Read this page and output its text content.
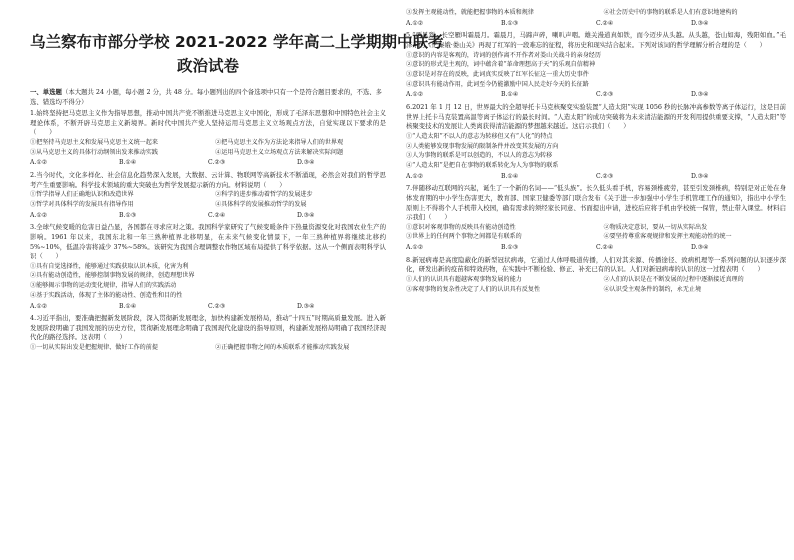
乌兰察布市部分学校 2021-2022 学年高二上学期期中联考
政治试卷
一、单选题（本大题共 24 小题，每小题 2 分，共 48 分。每小题列出的四个备选项中只有一个是符合题目要求的，不选、多选、错选均不得分）
1.始终坚持把马克思主义作为指导思想，推动中国共产党不断推进马克思主义中国化，形成了毛泽东思想和中国特色社会主义理论体系，不断开辟马克思主义新境界。新时代中国共产党人坚持运用马克思主义立场观点方法，自觉实现以下要求的是（　　）
①把坚持马克思主义和发展马克思主义统一起来	②把马克思主义作为方法论来指导人们的世界观
③从马克思主义的具体行动纲领出发来推动实践	④运用马克思主义立场观点方法来解决实际问题
A.①②	B.①④	C.②③	D.③④
2.当今时代，文化多样化、社会信息化趋势深入发展，大数据、云计算、物联网等高新技术不断涌现，必然会对我们的哲学思考产生重要影响。科学技术领域的重大突破也为哲学发展提示新的方向。材料说明（　　）
①哲学指导人们正确地认识和改造世界	②科学的进步推动着哲学的发展进步
③哲学对具体科学的发展具有指导作用	④具体科学的发展推动哲学的发展
A.①②	B.①③	C.②④	D.③④
3.全球气候变暖的危害日益凸显，各国都在寻求应对之策。我国科学家研究了气候变暖条件下热量资源变化对我国农业生产的影响。1961 年以来，我国东北和一年三熟种植界北移明显，在未来气候变化情景下，一年三熟种植界将继续北移约 5%~10%，低温冷害将减少 37%~58%。该研究为我国合理调整农作物区域布局提供了科学依据。这从一个侧面表明科学认识（　　）
①具有自觉选择性，能够通过实践获取认识本质，化害为利
②具有能动创造性，能够控制事物发展的规律，创造理想世界
③能够揭示事物的运动变化规律，指导人们的实践活动
④基于实践活动，体现了主体的能动性、创造性和目的性
A.①②	B.①④	C.②③	D.③④
4.习近平指出，要准确把握新发展阶段，深入贯彻新发展理念，加快构建新发展格局，推动“十四五”时期高质量发展。进入新发展阶段明确了我国发展的历史方位，贯彻新发展理念明确了我国现代化建设的指导原则，构建新发展格局明确了我国经济现代化的路径选择。这表明（　　）
①一切从实际出发是把握规律、做好工作的前提	②正确把握事物之间的本质联系才能推动实践发展
③发挥主观能动性，就能把握事物的本质和规律	④社会历史中的事物的联系是人们有意识地建构的
A.①②	B.①③	C.②④	D.③④
5.“西风烈，长空雁叫霜晨月。霜晨月，马蹄声碎，喇叭声咽。雄关漫道真如铁，而今迈步从头越。从头越，苍山如海，残阳如血。”毛泽东的《忆秦娥·娄山关》再现了红军的一段难忘的征程，将历史和现实结合起来。下列对该词的哲学理解分析合理的是（　　）
①意识的内容是客观的，诗词的创作离不开作者对娄山关战斗的亲身经历
②意识的形式是主观的，词中蕴含着“革命理想高于天”的乐观自信精神
③意识是对存在的反映，此词真实反映了红军长征这一重大历史事件
④意识具有能动作用，此词至今仍能激励中国人民走好今天的长征路
A.①②	B.①④	C.②③	D.③④
6.2021 年 1 月 12 日，世界最大的全超导托卡马克核聚变实验装置“人造太阳”实现 1056 秒的长脉冲高参数等离子体运行，这是目前世界上托卡马克装置高温等离子体运行的最长时间。“人造太阳”的成功突破将为未来清洁能源的开发利用提供重要支撑，“人造太阳”等核聚变技术的发展让人类离获得清洁能源的梦想越来越近。这启示我们（　　）
①“人造太阳”不以人的意志为转移但又有“人化”的特点
②人类能够发现事物发展的限制条件并改变其发展的方向
③人为事物的联系是可以创造的，不以人的意志为转移
④“人造太阳”是把自在事物的联系转化为人为事物的联系
A.①②	B.①④	C.②③	D.③④
7.伴随移动互联网的兴起，诞生了一个新的名词——“低头族”。长久低头看手机，容易颈椎疲劳，甚至引发颈椎病，特别是对正处在身体发育期的中小学生伤害更大，教育部、国家卫健委等部门联合发布《关于进一步加强中小学生手机管理工作的通知》，指出中小学生原则上不得将个人手机带入校园，确有需求的须经家长同意、书面提出申请，进校后应将手机由学校统一保管，禁止带入课堂。材料启示我们（　　）
①意识对客观事物的反映具有能动创造性	②物质决定意识，要从一切从实际出发
③世界上的任何两个事物之间都是有联系的	④要坚持尊重客观规律和发挥主观能动性的统一
A.①②	B.①③	C.②④	D.③④
8.新冠病毒是高度隐蔽化的新型冠状病毒，它通过人体呼吸道传播，人们对其来源、传播途径、致病机理等一系列问题的认识逐步深化，研发出新的疫苗和特效药物，在实践中不断检验、修正、补充已有的认识。人们对新冠病毒的认识的这一过程表明（　　）
①人们的认识具有超越客观事物发展的能力	②人们的认识是在不断发展的过程中逐渐接近真理的
③客观事物的复杂性决定了人们的认识具有反复性	④认识受主观条件的制约，永无止境
